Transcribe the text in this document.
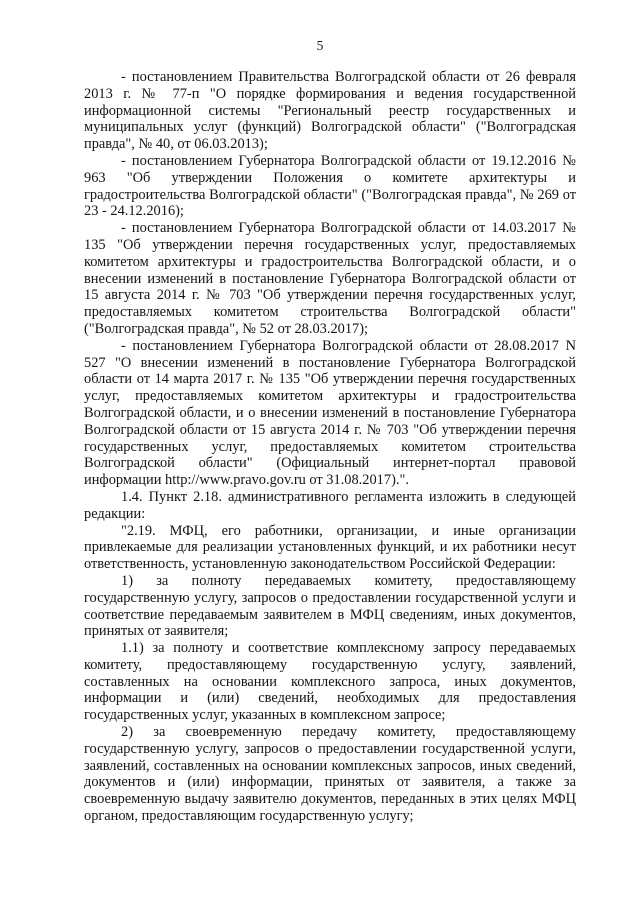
5

- постановлением Правительства Волгоградской области от 26 февраля 2013 г. № 77-п "О порядке формирования и ведения государственной информационной системы "Региональный реестр государственных и муниципальных услуг (функций) Волгоградской области" ("Волгоградская правда", № 40, от 06.03.2013);

- постановлением Губернатора Волгоградской области от 19.12.2016 № 963 "Об утверждении Положения о комитете архитектуры и градостроительства Волгоградской области" ("Волгоградская правда", № 269 от 23 - 24.12.2016);

- постановлением Губернатора Волгоградской области от 14.03.2017 № 135 "Об утверждении перечня государственных услуг, предоставляемых комитетом архитектуры и градостроительства Волгоградской области, и о внесении изменений в постановление Губернатора Волгоградской области от 15 августа 2014 г. № 703 "Об утверждении перечня государственных услуг, предоставляемых комитетом строительства Волгоградской области" ("Волгоградская правда", № 52 от 28.03.2017);

- постановлением Губернатора Волгоградской области от 28.08.2017 N 527 "О внесении изменений в постановление Губернатора Волгоградской области от 14 марта 2017 г. № 135 "Об утверждении перечня государственных услуг, предоставляемых комитетом архитектуры и градостроительства Волгоградской области, и о внесении изменений в постановление Губернатора Волгоградской области от 15 августа 2014 г. № 703 "Об утверждении перечня государственных услуг, предоставляемых комитетом строительства Волгоградской области" (Официальный интернет-портал правовой информации http://www.pravo.gov.ru от 31.08.2017).".

1.4. Пункт 2.18. административного регламента изложить в следующей редакции:

"2.19. МФЦ, его работники, организации, и иные организации привлекаемые для реализации установленных функций, и их работники несут ответственность, установленную законодательством Российской Федерации:

1) за полноту передаваемых комитету, предоставляющему государственную услугу, запросов о предоставлении государственной услуги и соответствие передаваемым заявителем в МФЦ сведениям, иных документов, принятых от заявителя;

1.1) за полноту и соответствие комплексному запросу передаваемых комитету, предоставляющему государственную услугу, заявлений, составленных на основании комплексного запроса, иных документов, информации и (или) сведений, необходимых для предоставления государственных услуг, указанных в комплексном запросе;

2) за своевременную передачу комитету, предоставляющему государственную услугу, запросов о предоставлении государственной услуги, заявлений, составленных на основании комплексных запросов, иных сведений, документов и (или) информации, принятых от заявителя, а также за своевременную выдачу заявителю документов, переданных в этих целях МФЦ органом, предоставляющим государственную услугу;
